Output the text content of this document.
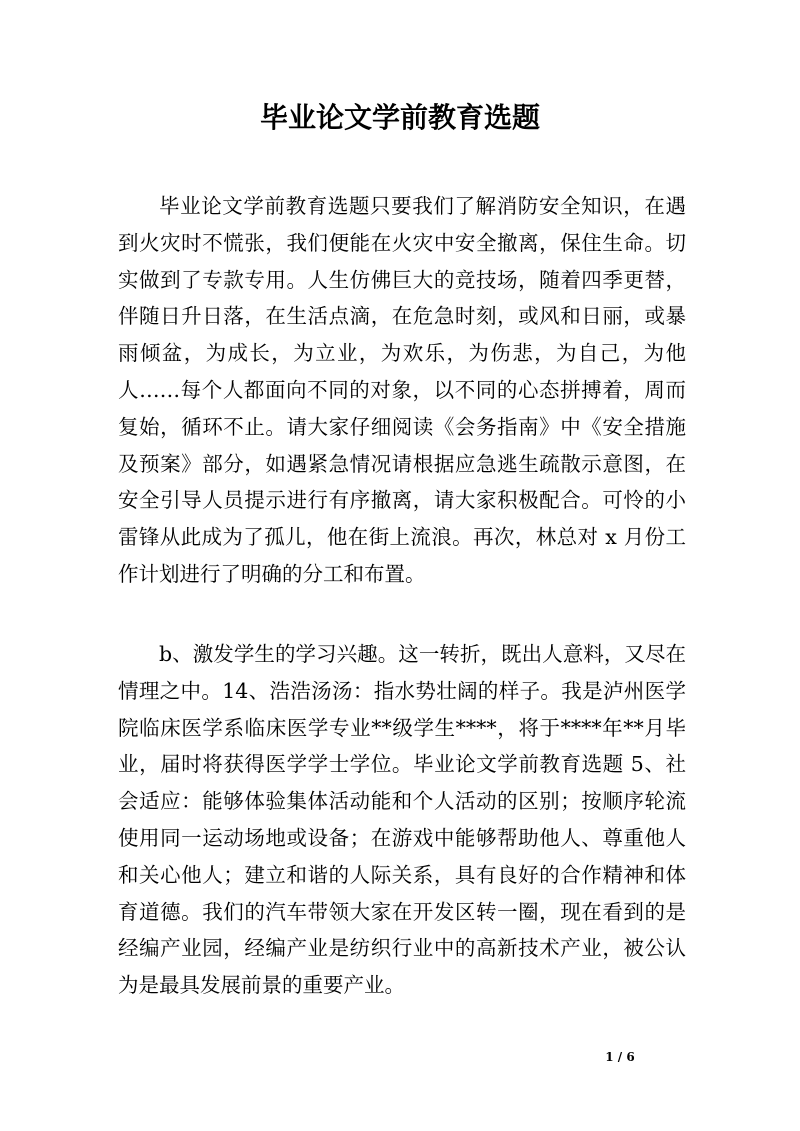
毕业论文学前教育选题

毕业论文学前教育选题只要我们了解消防安全知识，在遇到火灾时不慌张，我们便能在火灾中安全撤离，保住生命。切实做到了专款专用。人生仿佛巨大的竞技场，随着四季更替，伴随日升日落，在生活点滴，在危急时刻，或风和日丽，或暴雨倾盆，为成长，为立业，为欢乐，为伤悲，为自己，为他人……每个人都面向不同的对象，以不同的心态拼搏着，周而复始，循环不止。请大家仔细阅读《会务指南》中《安全措施及预案》部分，如遇紧急情况请根据应急逃生疏散示意图，在安全引导人员提示进行有序撤离，请大家积极配合。可怜的小雷锋从此成为了孤儿，他在街上流浪。再次，林总对 x 月份工作计划进行了明确的分工和布置。

b、激发学生的学习兴趣。这一转折，既出人意料，又尽在情理之中。14、浩浩汤汤：指水势壮阔的样子。我是泸州医学院临床医学系临床医学专业**级学生****，将于****年**月毕业，届时将获得医学学士学位。毕业论文学前教育选题 5、社会适应：能够体验集体活动能和个人活动的区别；按顺序轮流使用同一运动场地或设备；在游戏中能够帮助他人、尊重他人和关心他人；建立和谐的人际关系，具有良好的合作精神和体育道德。我们的汽车带领大家在开发区转一圈，现在看到的是经编产业园，经编产业是纺织行业中的高新技术产业，被公认为是最具发展前景的重要产业。

1 / 6
